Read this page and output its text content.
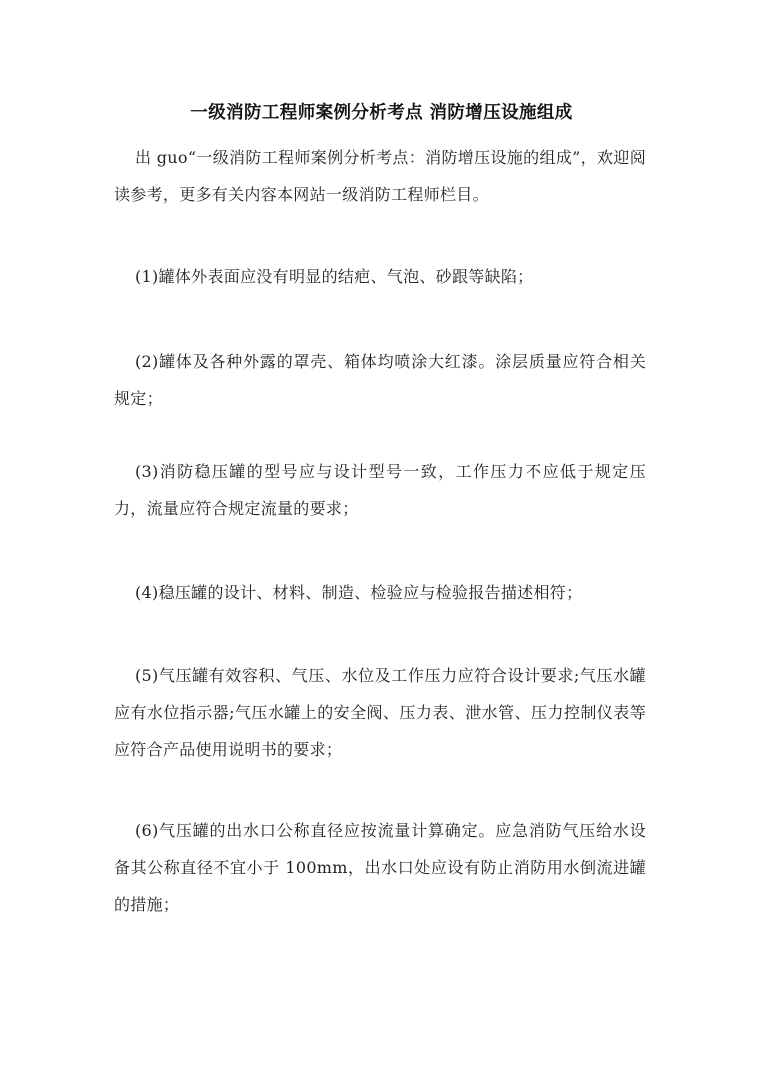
一级消防工程师案例分析考点 消防增压设施组成

出 guo“一级消防工程师案例分析考点：消防增压设施的组成”，欢迎阅读参考，更多有关内容本网站一级消防工程师栏目。

(1)罐体外表面应没有明显的结疤、气泡、砂跟等缺陷；

(2)罐体及各种外露的罩壳、箱体均喷涂大红漆。涂层质量应符合相关规定；

(3)消防稳压罐的型号应与设计型号一致，工作压力不应低于规定压力，流量应符合规定流量的要求；

(4)稳压罐的设计、材料、制造、检验应与检验报告描述相符；

(5)气压罐有效容积、气压、水位及工作压力应符合设计要求;气压水罐应有水位指示器;气压水罐上的安全阀、压力表、泄水管、压力控制仪表等应符合产品使用说明书的要求；

(6)气压罐的出水口公称直径应按流量计算确定。应急消防气压给水设备其公称直径不宜小于 100mm，出水口处应设有防止消防用水倒流进罐的措施；
